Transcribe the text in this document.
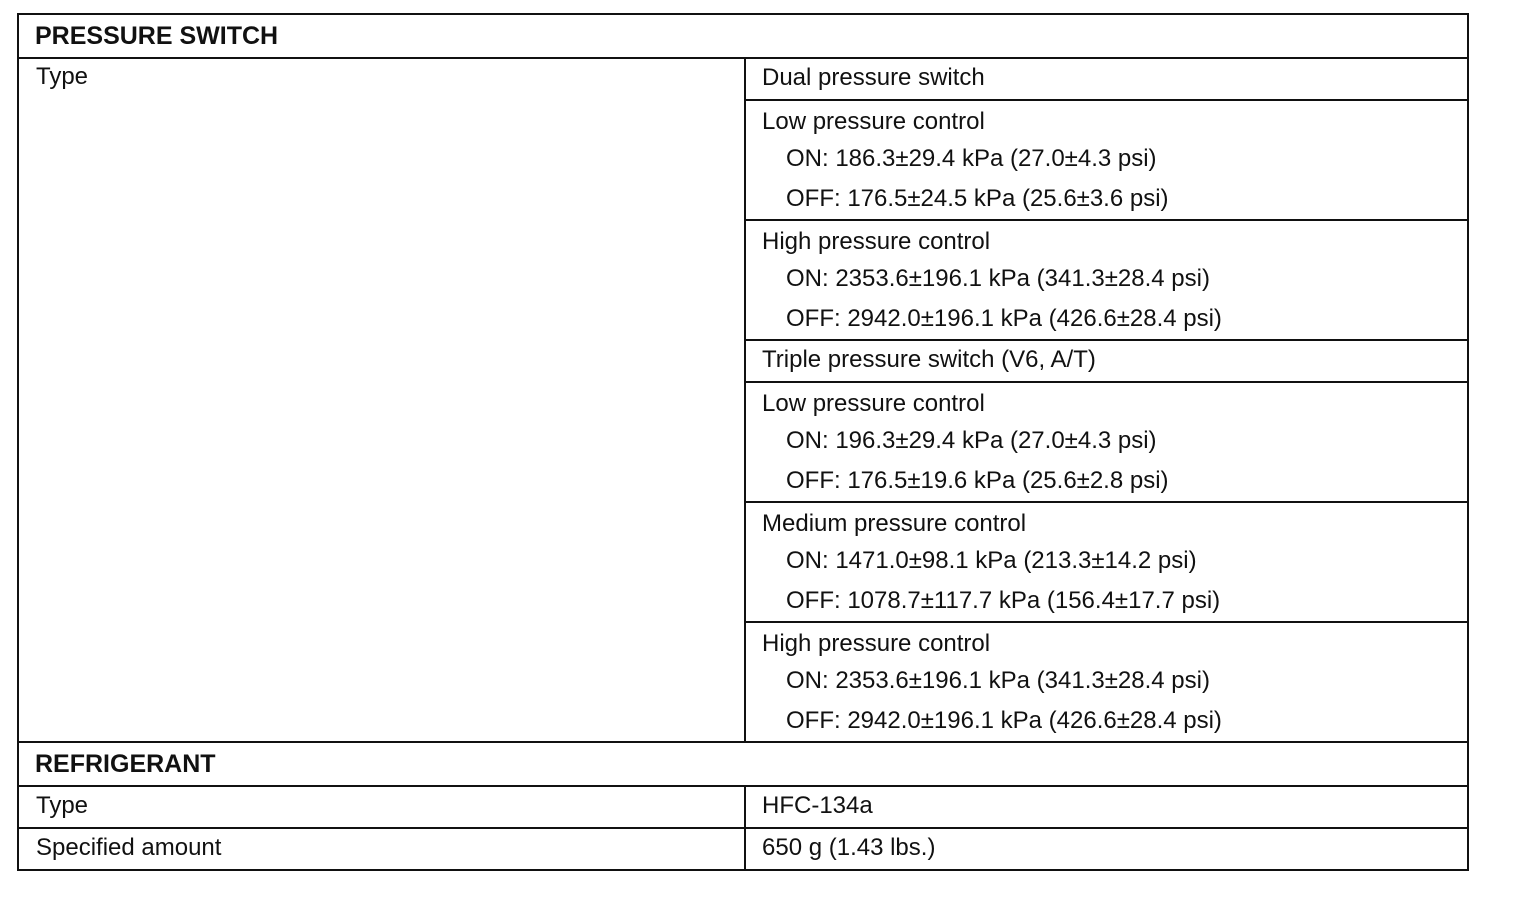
PRESSURE SWITCH	
Type	Dual pressure switch

	Low pressure control
ON: 186.3±29.4 kPa (27.0±4.3 psi)
OFF: 176.5±24.5 kPa (25.6±3.6 psi)

	High pressure control
ON: 2353.6±196.1 kPa (341.3±28.4 psi)
OFF: 2942.0±196.1 kPa (426.6±28.4 psi)

	Triple pressure switch (V6, A/T)

	Low pressure control
ON: 196.3±29.4 kPa (27.0±4.3 psi)
OFF: 176.5±19.6 kPa (25.6±2.8 psi)

	Medium pressure control
ON: 1471.0±98.1 kPa (213.3±14.2 psi)
OFF: 1078.7±117.7 kPa (156.4±17.7 psi)

	High pressure control
ON: 2353.6±196.1 kPa (341.3±28.4 psi)
OFF: 2942.0±196.1 kPa (426.6±28.4 psi)

REFRIGERANT	
Type	HFC-134a
Specified amount	650 g (1.43 lbs.)
